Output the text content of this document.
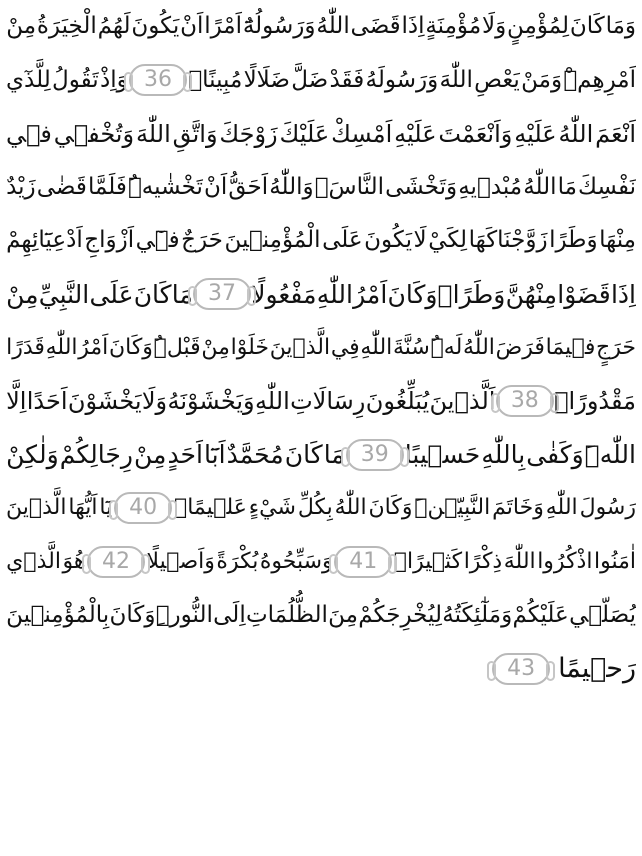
وَمَا
كَانَ
لِمُؤْمِنٍ
وَلَا
مُؤْمِنَةٍ
اِذَا
قَضَى
اللّٰهُ
وَرَسُولُهُٓ
اَمْرًا
اَنْ
يَكُونَ
لَهُمُ
الْخِيَرَةُ
مِنْ
اَمْرِهِمْۜ
وَمَنْ
يَعْصِ
اللّٰهَ
وَرَسُولَهُ
فَقَدْ
ضَلَّ
ضَلَالًا
مُبِينًاۜ
36
وَاِذْ
تَقُولُ
لِلَّذٓي
اَنْعَمَ
اللّٰهُ
عَلَيْهِ
وَاَنْعَمْتَ
عَلَيْهِ
اَمْسِكْ
عَلَيْكَ
زَوْجَكَ
وَاتَّقِ
اللّٰهَ
وَتُخْفٖي
فٖي
نَفْسِكَ
مَا
اللّٰهُ
مُبْدٖيهِ
وَتَخْشَى
النَّاسَۚ
وَاللّٰهُ
اَحَقُّ
اَنْ
تَخْشٰيهُۜ
فَلَمَّا
قَضٰى
زَيْدٌ
مِنْهَا
وَطَرًا
زَوَّجْنَاكَهَا
لِكَيْ
لَا
يَكُونَ
عَلَى
الْمُؤْمِنٖينَ
حَرَجٌ
فٖٓي
اَزْوَاجِ
اَدْعِيَٓائِهِمْ
اِذَا
قَضَوْا
مِنْهُنَّ
وَطَرًاۜ
وَكَانَ
اَمْرُ
اللّٰهِ
مَفْعُولًا
37
مَا
كَانَ
عَلَى
النَّبِيِّ
مِنْ
حَرَجٍ
فٖيمَا
فَرَضَ
اللّٰهُ
لَهُۜ
سُنَّةَ
اللّٰهِ
فِي
الَّذٖينَ
خَلَوْا
مِنْ
قَبْلُۜ
وَكَانَ
اَمْرُ
اللّٰهِ
قَدَرًا
مَقْدُورًاۙ
38
اَلَّذٖينَ
يُبَلِّغُونَ
رِسَالَاتِ
اللّٰهِ
وَيَخْشَوْنَهُ
وَلَا
يَخْشَوْنَ
اَحَدًا
اِلَّا
اللّٰهَۜ
وَكَفٰى
بِاللّٰهِ
حَسٖيبًا
39
مَا
كَانَ
مُحَمَّدٌ
اَبَٓا
اَحَدٍ
مِنْ
رِجَالِكُمْ
وَلٰكِنْ
رَسُولَ
اللّٰهِ
وَخَاتَمَ
النَّبِيّٖنَۜ
وَكَانَ
اللّٰهُ
بِكُلِّ
شَيْءٍ
عَلٖيمًا۟
40
يَٓا
اَيُّهَا
الَّذٖينَ
اٰمَنُوا
اذْكُرُوا
اللّٰهَ
ذِكْرًا
كَثٖيرًاۙ
41
وَسَبِّحُوهُ
بُكْرَةً
وَاَصٖيلًا
42
هُوَ
الَّذٖي
يُصَلّٖي
عَلَيْكُمْ
وَمَلٰٓئِكَتُهُ
لِيُخْرِجَكُمْ
مِنَ
الظُّلُمَاتِ
اِلَى
النُّورِۜ
وَكَانَ
بِالْمُؤْمِنٖينَ
رَحٖيمًا
43
